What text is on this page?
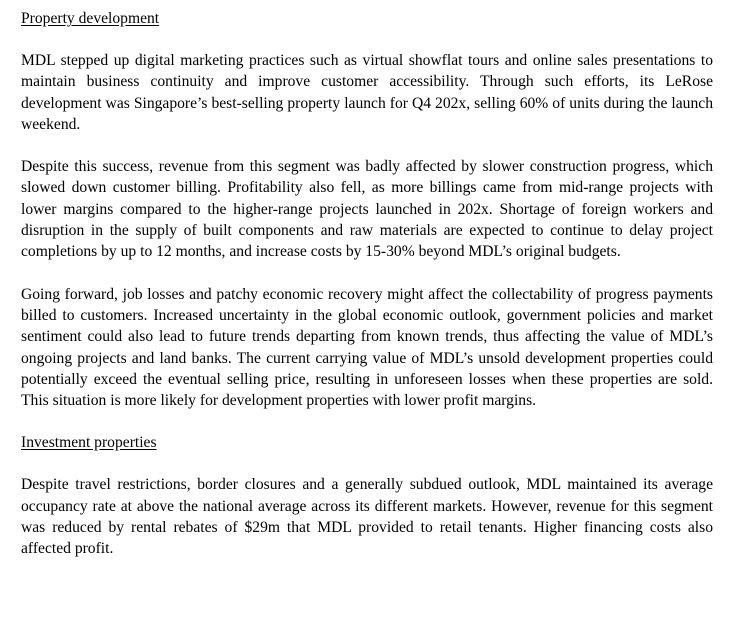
Property development

MDL stepped up digital marketing practices such as virtual showflat tours and online sales presentations to maintain business continuity and improve customer accessibility. Through such efforts, its LeRose development was Singapore’s best-selling property launch for Q4 202x, selling 60% of units during the launch weekend.

Despite this success, revenue from this segment was badly affected by slower construction progress, which slowed down customer billing. Profitability also fell, as more billings came from mid-range projects with lower margins compared to the higher-range projects launched in 202x. Shortage of foreign workers and disruption in the supply of built components and raw materials are expected to continue to delay project completions by up to 12 months, and increase costs by 15-30% beyond MDL’s original budgets.

Going forward, job losses and patchy economic recovery might affect the collectability of progress payments billed to customers. Increased uncertainty in the global economic outlook, government policies and market sentiment could also lead to future trends departing from known trends, thus affecting the value of MDL’s ongoing projects and land banks. The current carrying value of MDL’s unsold development properties could potentially exceed the eventual selling price, resulting in unforeseen losses when these properties are sold. This situation is more likely for development properties with lower profit margins.

Investment properties

Despite travel restrictions, border closures and a generally subdued outlook, MDL maintained its average occupancy rate at above the national average across its different markets. However, revenue for this segment was reduced by rental rebates of $29m that MDL provided to retail tenants. Higher financing costs also affected profit.
